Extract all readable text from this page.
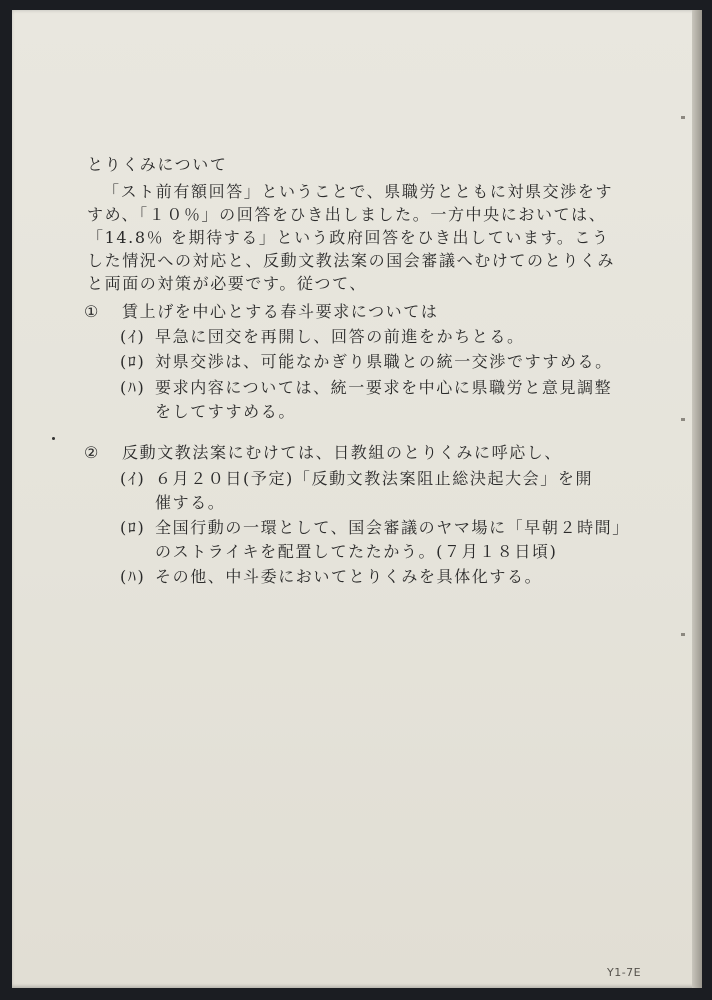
とりくみについて
「スト前有額回答」ということで、県職労とともに対県交渉をす
すめ、「１０％」の回答をひき出しました。一方中央においては、
「14.8％ を期待する」という政府回答をひき出しています。こう
した情況への対応と、反動文教法案の国会審議へむけてのとりくみ
と両面の対策が必要です。従つて、
① 賃上げを中心とする春斗要求については
(ｲ) 早急に団交を再開し、回答の前進をかちとる。
(ﾛ) 対県交渉は、可能なかぎり県職との統一交渉ですすめる。
(ﾊ) 要求内容については、統一要求を中心に県職労と意見調整
をしてすすめる。
② 反動文教法案にむけては、日教組のとりくみに呼応し、
(ｲ) ６月２０日(予定)「反動文教法案阻止総決起大会」を開
催する。
(ﾛ) 全国行動の一環として、国会審議のヤマ場に「早朝２時間」
のストライキを配置してたたかう。(７月１８日頃)
(ﾊ) その他、中斗委においてとりくみを具体化する。
Y1-7E
